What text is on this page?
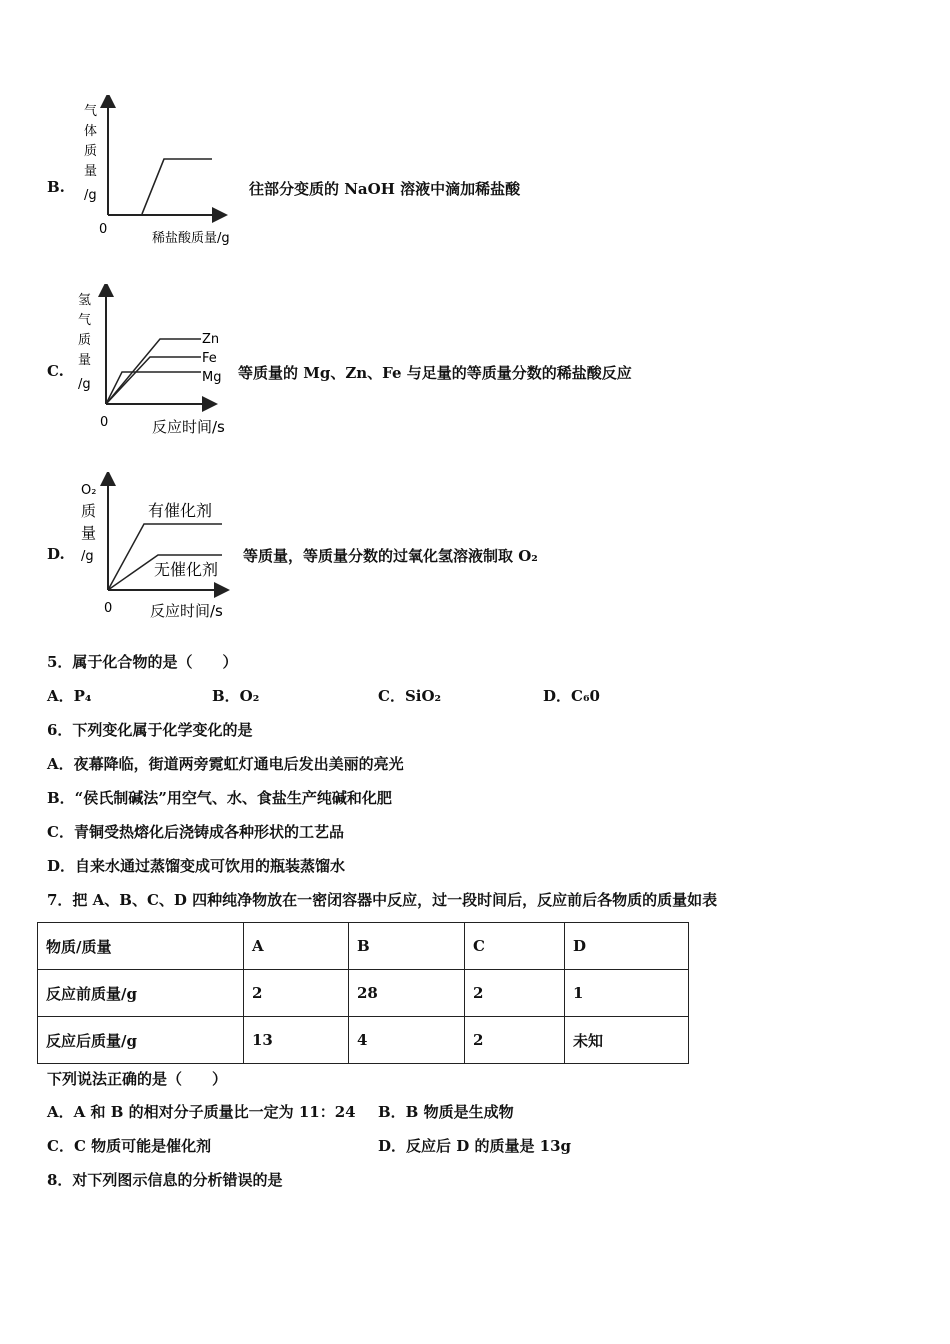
B.
气
体
质
量
/g
0
稀盐酸质量/g
往部分变质的 NaOH 溶液中滴加稀盐酸
C.
Zn
Fe
Mg
氢
气
质
量
/g
0	反应时间/s
等质量的 Mg、Zn、Fe 与足量的等质量分数的稀盐酸反应
D.
有催化剂
无催化剂
O₂
质
量
/g
0	反应时间/s
等质量，等质量分数的过氧化氢溶液制取 O₂
5．属于化合物的是（　　）
A．P₄	B．O₂	C．SiO₂	D．C₆0
6．下列变化属于化学变化的是
A．夜幕降临，街道两旁霓虹灯通电后发出美丽的亮光
B．“侯氏制碱法”用空气、水、食盐生产纯碱和化肥
C．青铜受热熔化后浇铸成各种形状的工艺品
D．自来水通过蒸馏变成可饮用的瓶装蒸馏水
7．把 A、B、C、D 四种纯净物放在一密闭容器中反应，过一段时间后，反应前后各物质的质量如表
物质/质量	A	B	C	D
反应前质量/g	2	28	2	1
反应后质量/g	13	4	2	未知
下列说法正确的是（　　）
A．A 和 B 的相对分子质量比一定为 11：24 B．B 物质是生成物
C．C 物质可能是催化剂	D．反应后 D 的质量是 13g
8．对下列图示信息的分析错误的是
